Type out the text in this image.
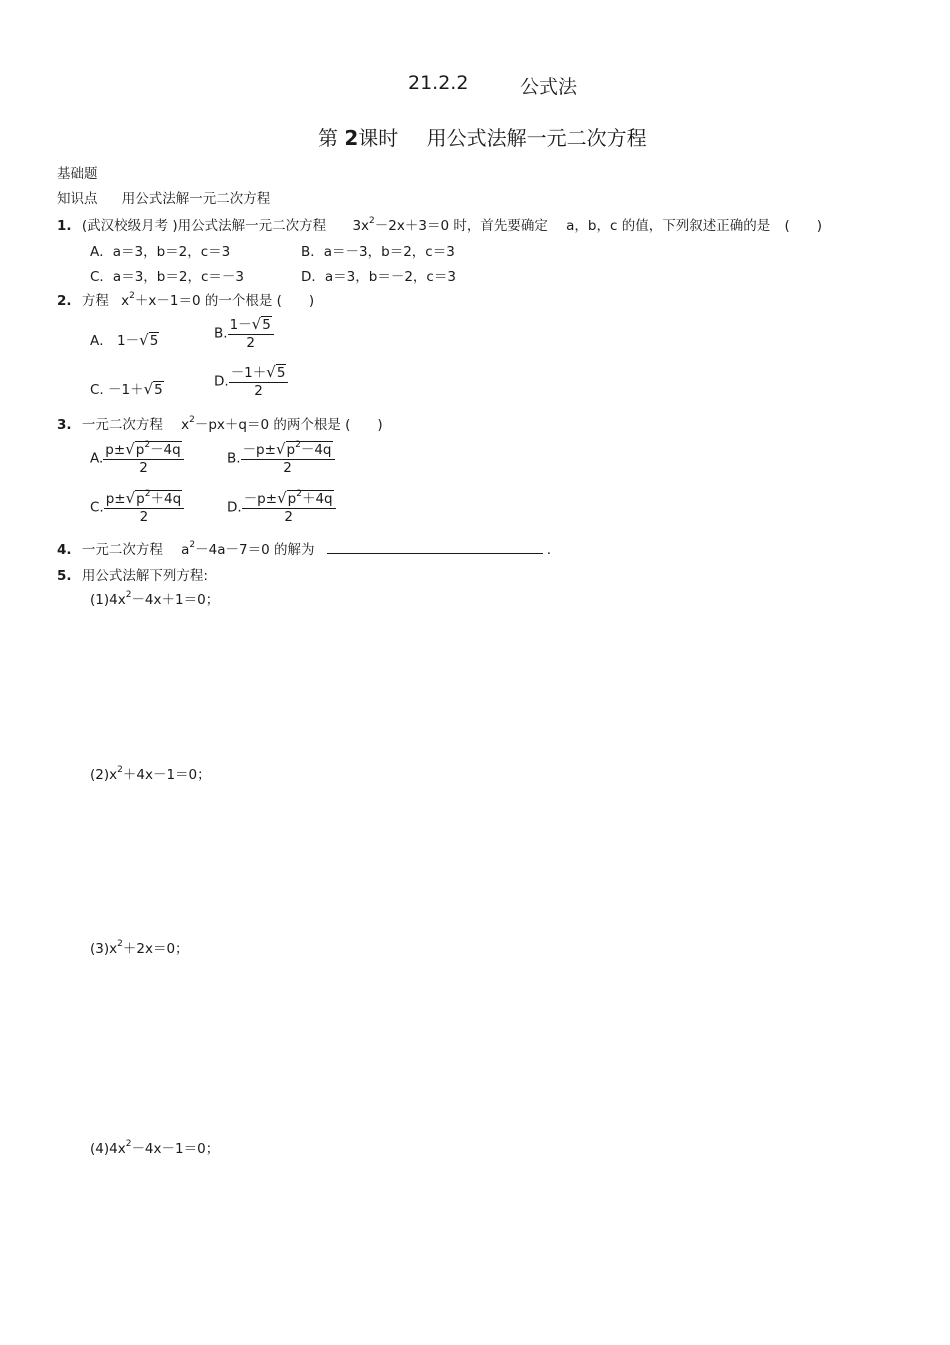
21.2.2	公式法
第 2课时 用公式法解一元二次方程
基础题
知识点 用公式法解一元二次方程
1. (武汉校级月考 )用公式法解一元二次方程 $3x^2-2x+3=0$ 时，首先要确定 a，b，c 的值，下列叙述正确的是 (　　)
A．a＝3，b＝2，c＝3	B．a＝－3，b＝2，c＝3
C．a＝3，b＝2，c＝－3	D．a＝3，b＝－2，c＝3
2. 方程 $x^2+x-1=0$ 的一个根是 (　　)
A． 1－√5	B. $\frac{1-√5}{2}$
C. －1＋√5
D. $\frac{-1+√5}{2}$
3. 一元二次方程 $x^2-px+q=0$ 的两个根是 (　　)
A. $\frac{p\pm√p^2-4q}{2}$	B. $\frac{-p\pm√p^2-4q}{2}$
C. $\frac{p\pm√p^2+4q}{2}$	D. $\frac{-p\pm√p^2+4q}{2}$
4. 一元二次方程 $a^2-4a-7=0$ 的解为	.
5. 用公式法解下列方程:
$(1)4x^2-4x+1=0$；
$(2)x^2+4x-1=0$；
$(3)x^2+2x=0$；
$(4)4x^2-4x-1=0$；
